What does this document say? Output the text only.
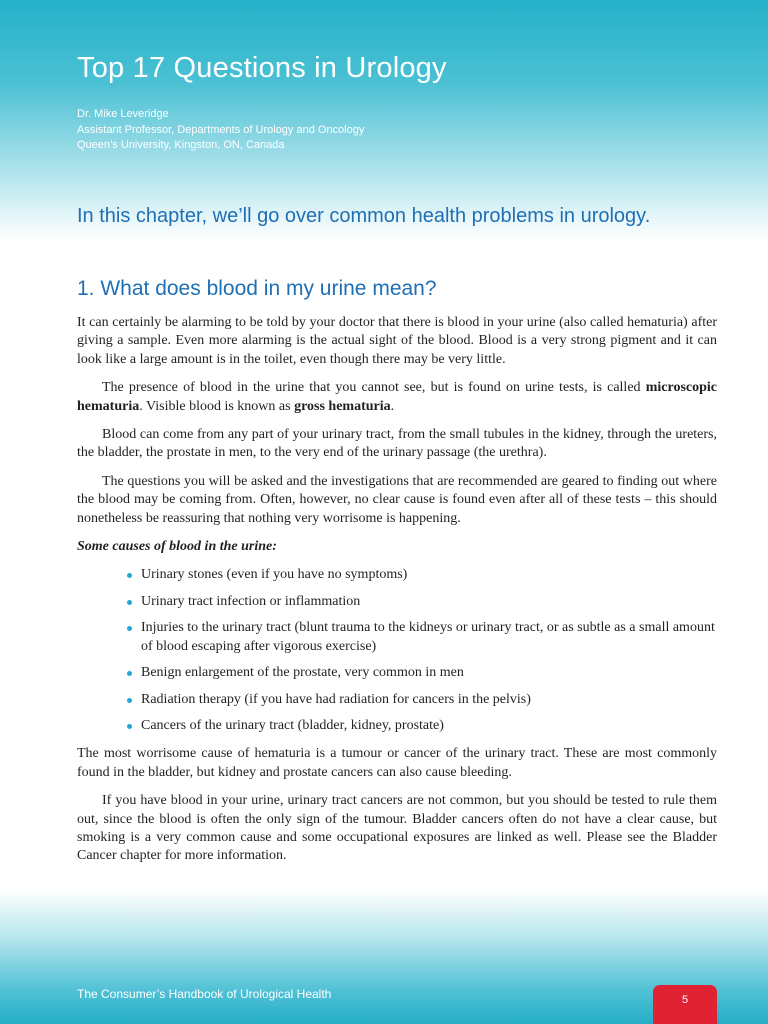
Top 17 Questions in Urology
Dr. Mike Leveridge
Assistant Professor, Departments of Urology and Oncology
Queen’s University, Kingston, ON, Canada
In this chapter, we’ll go over common health problems in urology.
1. What does blood in my urine mean?

It can certainly be alarming to be told by your doctor that there is blood in your urine (also called hematuria) after giving a sample. Even more alarming is the actual sight of the blood. Blood is a very strong pigment and it can look like a large amount is in the toilet, even though there may be very little.

The presence of blood in the urine that you cannot see, but is found on urine tests, is called microscopic hematuria. Visible blood is known as gross hematuria.

Blood can come from any part of your urinary tract, from the small tubules in the kidney, through the ureters, the bladder, the prostate in men, to the very end of the urinary passage (the urethra).

The questions you will be asked and the investigations that are recommended are geared to finding out where the blood may be coming from. Often, however, no clear cause is found even after all of these tests – this should nonetheless be reassuring that nothing very worrisome is happening.

Some causes of blood in the urine:

Urinary stones (even if you have no symptoms)
Urinary tract infection or inflammation
Injuries to the urinary tract (blunt trauma to the kidneys or urinary tract, or as subtle as a small amount of blood escaping after vigorous exercise)
Benign enlargement of the prostate, very common in men
Radiation therapy (if you have had radiation for cancers in the pelvis)
Cancers of the urinary tract (bladder, kidney, prostate)

The most worrisome cause of hematuria is a tumour or cancer of the urinary tract. These are most commonly found in the bladder, but kidney and prostate cancers can also cause bleeding.

If you have blood in your urine, urinary tract cancers are not common, but you should be tested to rule them out, since the blood is often the only sign of the tumour. Bladder cancers often do not have a clear cause, but smoking is a very common cause and some occupational exposures are linked as well. Please see the Bladder Cancer chapter for more information.

The Consumer’s Handbook of Urological Health	5
